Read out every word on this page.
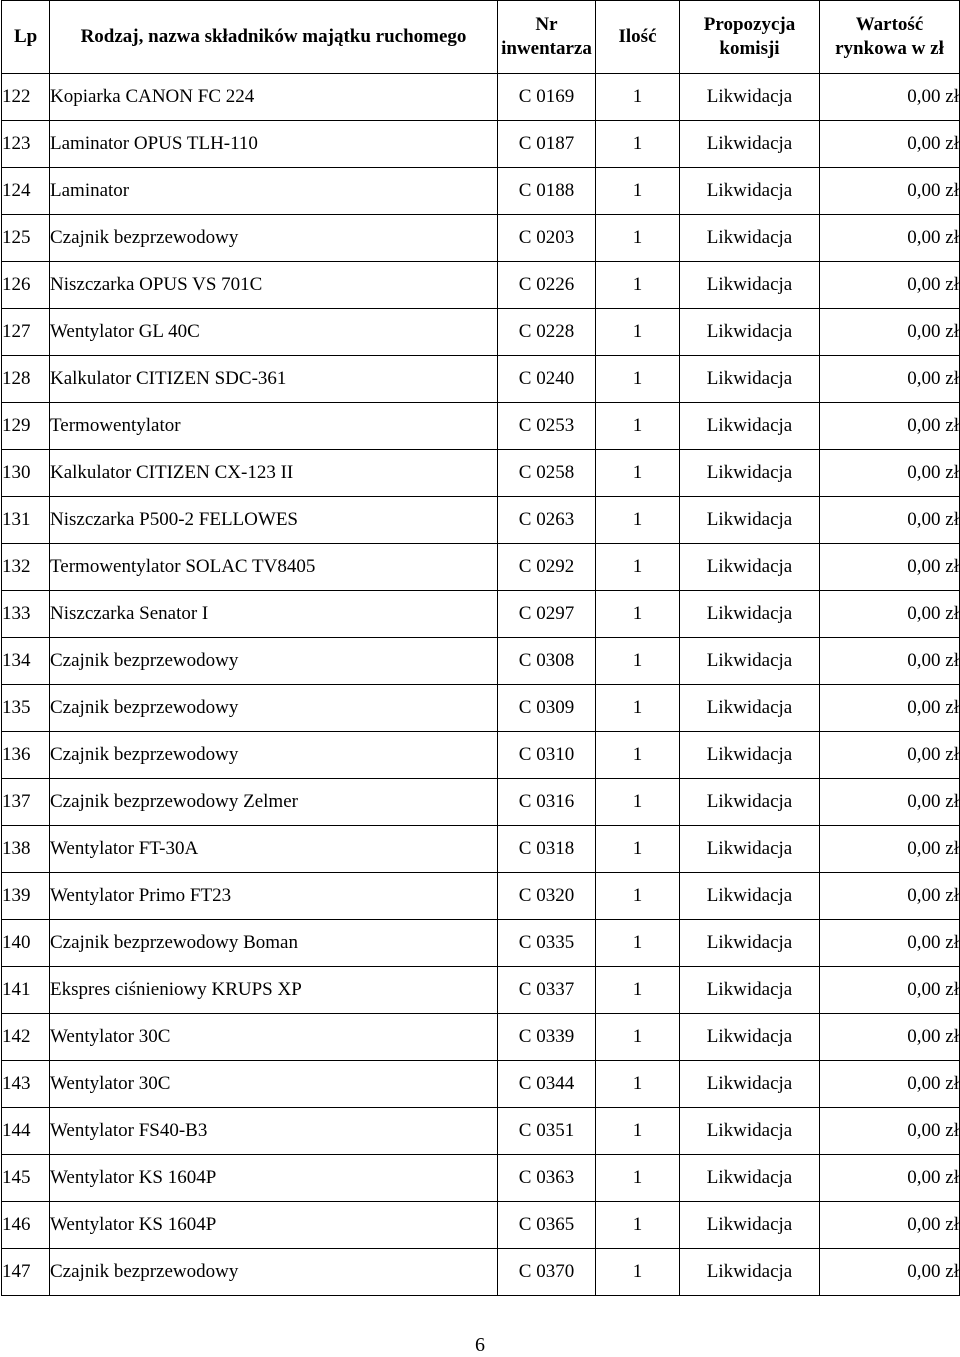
Lp	Rodzaj, nazwa składników majątku ruchomego	Nr inwentarza	Ilość	Propozycja komisji	Wartość rynkowa w zł
122	Kopiarka CANON FC 224	C 0169	1	Likwidacja	0,00 zł
123	Laminator OPUS TLH-110	C 0187	1	Likwidacja	0,00 zł
124	Laminator	C 0188	1	Likwidacja	0,00 zł
125	Czajnik bezprzewodowy	C 0203	1	Likwidacja	0,00 zł
126	Niszczarka OPUS VS 701C	C 0226	1	Likwidacja	0,00 zł
127	Wentylator GL 40C	C 0228	1	Likwidacja	0,00 zł
128	Kalkulator CITIZEN SDC-361	C 0240	1	Likwidacja	0,00 zł
129	Termowentylator	C 0253	1	Likwidacja	0,00 zł
130	Kalkulator CITIZEN CX-123 II	C 0258	1	Likwidacja	0,00 zł
131	Niszczarka P500-2 FELLOWES	C 0263	1	Likwidacja	0,00 zł
132	Termowentylator SOLAC TV8405	C 0292	1	Likwidacja	0,00 zł
133	Niszczarka Senator I	C 0297	1	Likwidacja	0,00 zł
134	Czajnik bezprzewodowy	C 0308	1	Likwidacja	0,00 zł
135	Czajnik bezprzewodowy	C 0309	1	Likwidacja	0,00 zł
136	Czajnik bezprzewodowy	C 0310	1	Likwidacja	0,00 zł
137	Czajnik bezprzewodowy Zelmer	C 0316	1	Likwidacja	0,00 zł
138	Wentylator FT-30A	C 0318	1	Likwidacja	0,00 zł
139	Wentylator Primo FT23	C 0320	1	Likwidacja	0,00 zł
140	Czajnik bezprzewodowy Boman	C 0335	1	Likwidacja	0,00 zł
141	Ekspres ciśnieniowy KRUPS XP	C 0337	1	Likwidacja	0,00 zł
142	Wentylator 30C	C 0339	1	Likwidacja	0,00 zł
143	Wentylator 30C	C 0344	1	Likwidacja	0,00 zł
144	Wentylator FS40-B3	C 0351	1	Likwidacja	0,00 zł
145	Wentylator KS 1604P	C 0363	1	Likwidacja	0,00 zł
146	Wentylator KS 1604P	C 0365	1	Likwidacja	0,00 zł
147	Czajnik bezprzewodowy	C 0370	1	Likwidacja	0,00 zł
6
